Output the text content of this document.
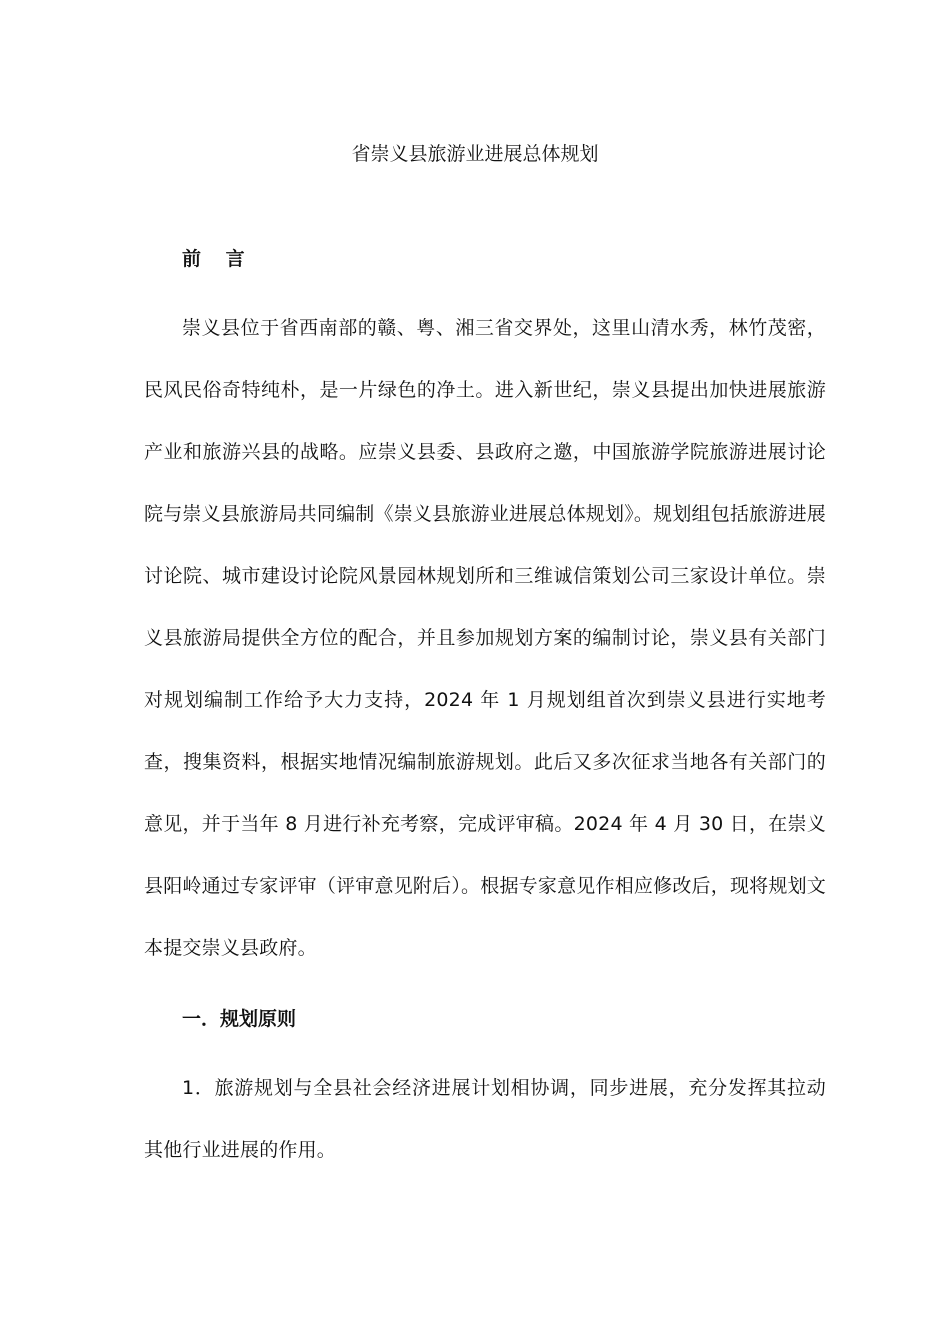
省崇义县旅游业进展总体规划
前 言

崇义县位于省西南部的赣、粤、湘三省交界处，这里山清水秀，林竹茂密，民风民俗奇特纯朴，是一片绿色的净土。进入新世纪，崇义县提出加快进展旅游产业和旅游兴县的战略。应崇义县委、县政府之邀，中国旅游学院旅游进展讨论院与崇义县旅游局共同编制《崇义县旅游业进展总体规划》。规划组包括旅游进展讨论院、城市建设讨论院风景园林规划所和三维诚信策划公司三家设计单位。崇义县旅游局提供全方位的配合，并且参加规划方案的编制讨论，崇义县有关部门对规划编制工作给予大力支持，2024 年 1 月规划组首次到崇义县进行实地考查，搜集资料，根据实地情况编制旅游规划。此后又多次征求当地各有关部门的意见，并于当年 8 月进行补充考察，完成评审稿。2024 年 4 月 30 日，在崇义县阳岭通过专家评审（评审意见附后）。根据专家意见作相应修改后，现将规划文本提交崇义县政府。

一．规划原则

1．旅游规划与全县社会经济进展计划相协调，同步进展，充分发挥其拉动其他行业进展的作用。
